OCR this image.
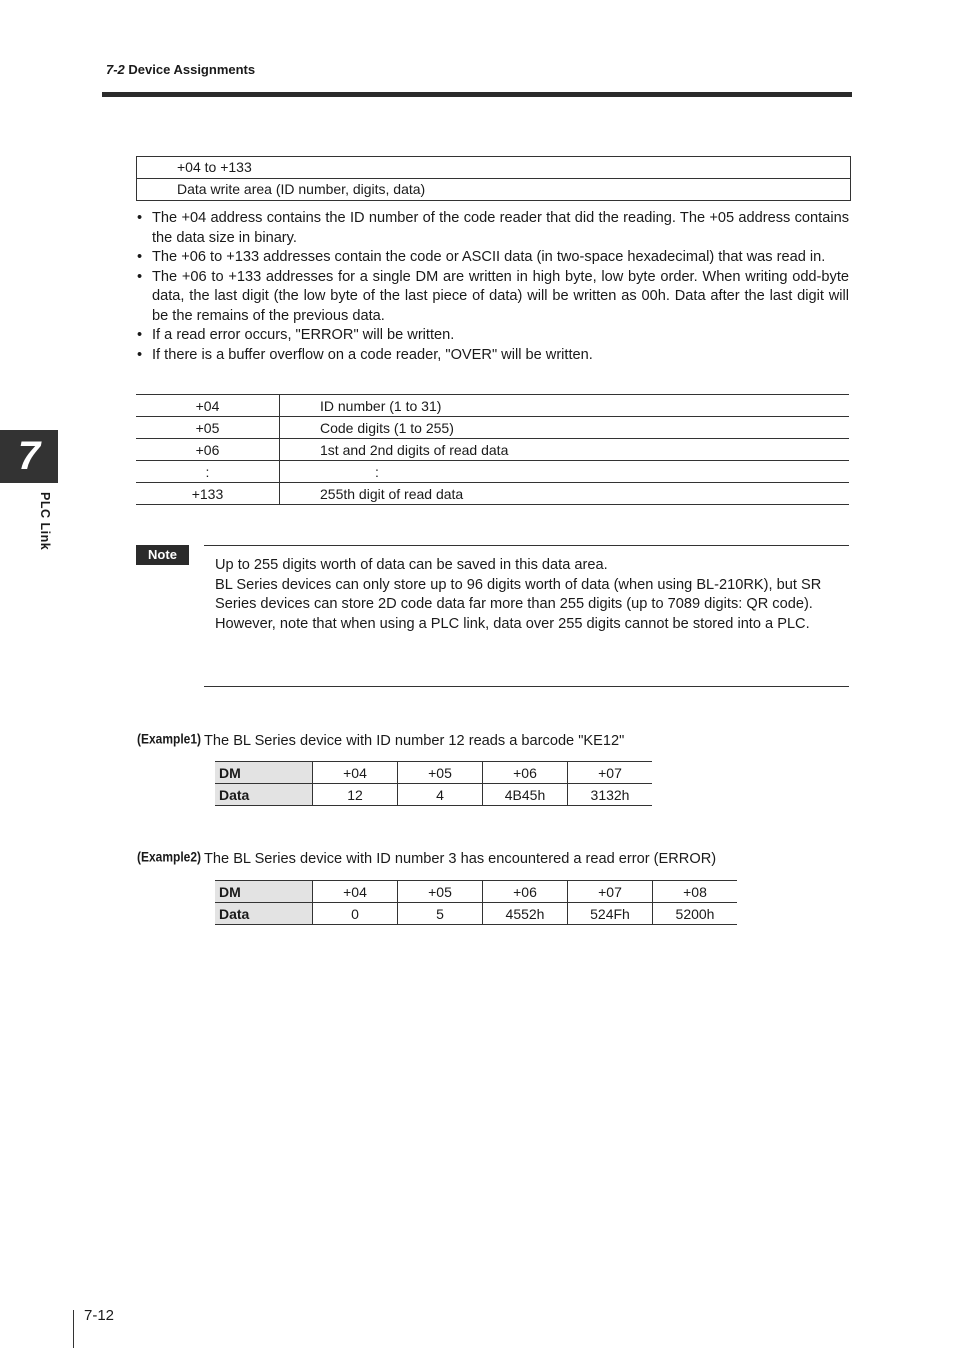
7-2 Device Assignments
+04 to +133
Data write area (ID number, digits, data)
• The +04 address contains the ID number of the code reader that did the reading. The +05 address contains the data size in binary.
• The +06 to +133 addresses contain the code or ASCII data (in two-space hexadecimal) that was read in.
• The +06 to +133 addresses for a single DM are written in high byte, low byte order. When writing odd-byte data, the last digit (the low byte of the last piece of data) will be written as 00h. Data after the last digit will be the remains of the previous data.
• If a read error occurs, "ERROR" will be written.
• If there is a buffer overflow on a code reader, "OVER" will be written.
+04	ID number (1 to 31)
+05	Code digits (1 to 255)
+06	1st and 2nd digits of read data
:	:
+133	255th digit of read data
7
PLC Link
Note

Up to 255 digits worth of data can be saved in this data area.

BL Series devices can only store up to 96 digits worth of data (when using BL-210RK), but SR Series devices can store 2D code data far more than 255 digits (up to 7089 digits: QR code).

However, note that when using a PLC link, data over 255 digits cannot be stored into a PLC.

(Example1) The BL Series device with ID number 12 reads a barcode "KE12"
DM	+04	+05	+06	+07
Data	12	4	4B45h	3132h
(Example2) The BL Series device with ID number 3 has encountered a read error (ERROR)
DM	+04	+05	+06	+07	+08
Data	0	5	4552h	524Fh	5200h
7-12
